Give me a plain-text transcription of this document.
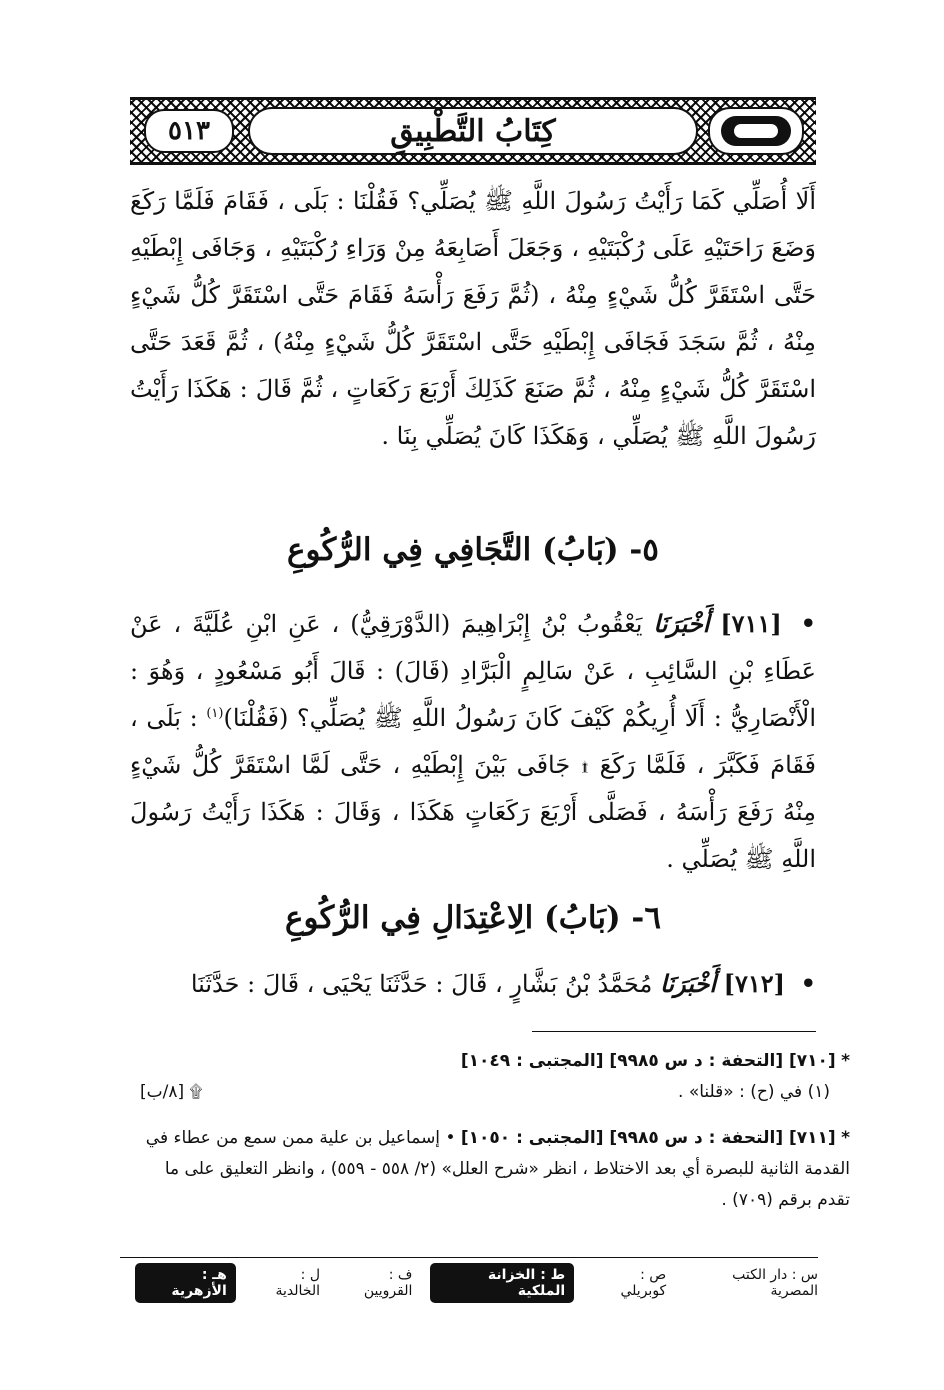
٥١٣	كِتَابُ التَّطْبِيقِ

أَلَا أُصَلِّي كَمَا رَأَيْتُ رَسُولَ اللَّهِ ﷺ يُصَلِّي؟ فَقُلْنَا : بَلَى ، فَقَامَ فَلَمَّا رَكَعَ وَضَعَ رَاحَتَيْهِ عَلَى رُكْبَتَيْهِ ، وَجَعَلَ أَصَابِعَهُ مِنْ وَرَاءِ رُكْبَتَيْهِ ، وَجَافَى إِبْطَيْهِ حَتَّى اسْتَقَرَّ كُلُّ شَيْءٍ مِنْهُ ، (ثُمَّ رَفَعَ رَأْسَهُ فَقَامَ حَتَّى اسْتَقَرَّ كُلُّ شَيْءٍ مِنْهُ ، ثُمَّ سَجَدَ فَجَافَى إِبْطَيْهِ حَتَّى اسْتَقَرَّ كُلُّ شَيْءٍ مِنْهُ) ، ثُمَّ قَعَدَ حَتَّى اسْتَقَرَّ كُلُّ شَيْءٍ مِنْهُ ، ثُمَّ صَنَعَ كَذَلِكَ أَرْبَعَ رَكَعَاتٍ ، ثُمَّ قَالَ : هَكَذَا رَأَيْتُ رَسُولَ اللَّهِ ﷺ يُصَلِّي ، وَهَكَذَا كَانَ يُصَلِّي بِنَا .

٥- (بَابُ) التَّجَافِي فِي الرُّكُوعِ

• [٧١١] أَخْبَرَنَا يَعْقُوبُ بْنُ إِبْرَاهِيمَ (الدَّوْرَقِيُّ) ، عَنِ ابْنِ عُلَيَّةَ ، عَنْ عَطَاءِ بْنِ السَّائِبِ ، عَنْ سَالِمٍ الْبَرَّادِ (قَالَ) : قَالَ أَبُو مَسْعُودٍ ، وَهُوَ : الْأَنْصَارِيُّ : أَلَا أُرِيكُمْ كَيْفَ كَانَ رَسُولُ اللَّهِ ﷺ يُصَلِّي؟ (فَقُلْنَا)$^{(١)}$ : بَلَى ، فَقَامَ فَكَبَّرَ ، فَلَمَّا رَكَعَ ۩ جَافَى بَيْنَ إِبْطَيْهِ ، حَتَّى لَمَّا اسْتَقَرَّ كُلُّ شَيْءٍ مِنْهُ رَفَعَ رَأْسَهُ ، فَصَلَّى أَرْبَعَ رَكَعَاتٍ هَكَذَا ، وَقَالَ : هَكَذَا رَأَيْتُ رَسُولَ اللَّهِ ﷺ يُصَلِّي .

٦- (بَابُ) الِاعْتِدَالِ فِي الرُّكُوعِ

• [٧١٢] أَخْبَرَنَا مُحَمَّدُ بْنُ بَشَّارٍ ، قَالَ : حَدَّثَنَا يَحْيَى ، قَالَ : حَدَّثَنَا

* [٧١٠] [التحفة : د س ٩٩٨٥] [المجتبى : ١٠٤٩]
(١) في (ح) : «قلنا» .
۩ [٨/ب]
* [٧١١] [التحفة : د س ٩٩٨٥] [المجتبى : ١٠٥٠] • إسماعيل بن علية ممن سمع من عطاء في القدمة الثانية للبصرة أي بعد الاختلاط ، انظر «شرح العلل» (٢/ ٥٥٨ - ٥٥٩) ، وانظر التعليق على ما تقدم برقم (٧٠٩) .
س : دار الكتب المصرية
ص : كوبريلي
ط : الخزانة الملكية
ف : القرويين
ل : الخالدية
هـ : الأزهرية
